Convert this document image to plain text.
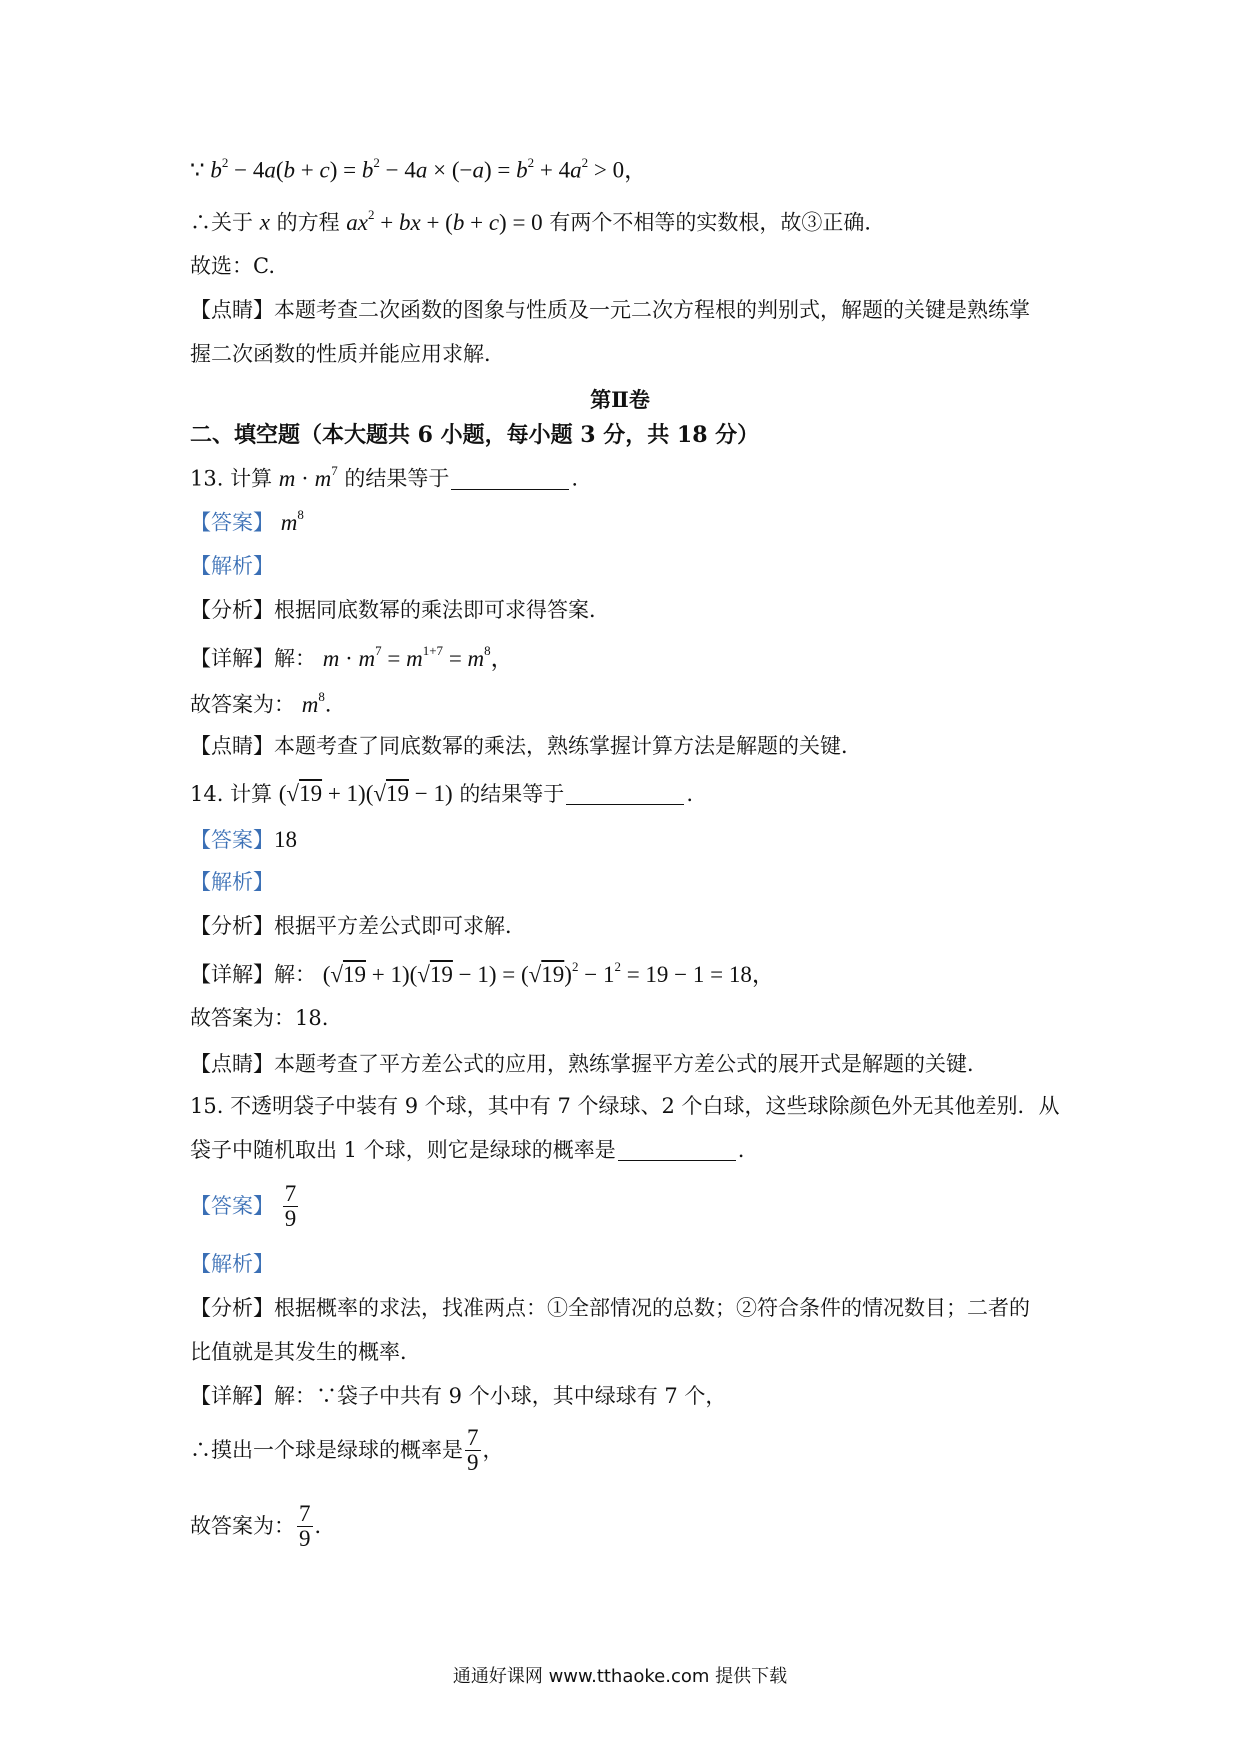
∵ $b^2 - 4a(b + c) = b^2 - 4a \times (-a) = b^2 + 4a^2 > 0$，
∴关于 x 的方程 $ax^2$ + bx + (b + c) = 0 有两个不相等的实数根，故③正确．
故选：C.
【点睛】本题考查二次函数的图象与性质及一元二次方程根的判别式，解题的关键是熟练掌
握二次函数的性质并能应用求解．
第Ⅱ卷
二、填空题（本大题共 6 小题，每小题 3 分，共 18 分）
13. 计算 $m \cdot m^7$ 的结果等于	.
【答案】 $m^8$
【解析】
【分析】根据同底数幂的乘法即可求得答案．
【详解】解： $m \cdot m^7 = m^{1+7} = m^8$，
故答案为： $m^8$．
【点睛】本题考查了同底数幂的乘法，熟练掌握计算方法是解题的关键．
14. 计算 (√19 + 1)(√19 − 1) 的结果等于	.
【答案】18
【解析】
【分析】根据平方差公式即可求解．
【详解】解： $(√19 + 1)(√19 - 1) = (√19)^2 - 1^2 = 19 - 1 = 18$，
故答案为：18.
【点睛】本题考查了平方差公式的应用，熟练掌握平方差公式的展开式是解题的关键．
15. 不透明袋子中装有 9 个球，其中有 7 个绿球、2 个白球，这些球除颜色外无其他差别．从
袋子中随机取出 1 个球，则它是绿球的概率是	.
【答案】 $\frac{7}{9}$
【解析】
【分析】根据概率的求法，找准两点：①全部情况的总数；②符合条件的情况数目；二者的
比值就是其发生的概率．
【详解】解：∵袋子中共有 9 个小球，其中绿球有 7 个，
∴摸出一个球是绿球的概率是 $\frac{7}{9}$ ，
故答案为： $\frac{7}{9}$ ．
通通好课网 www.tthaoke.com 提供下载
